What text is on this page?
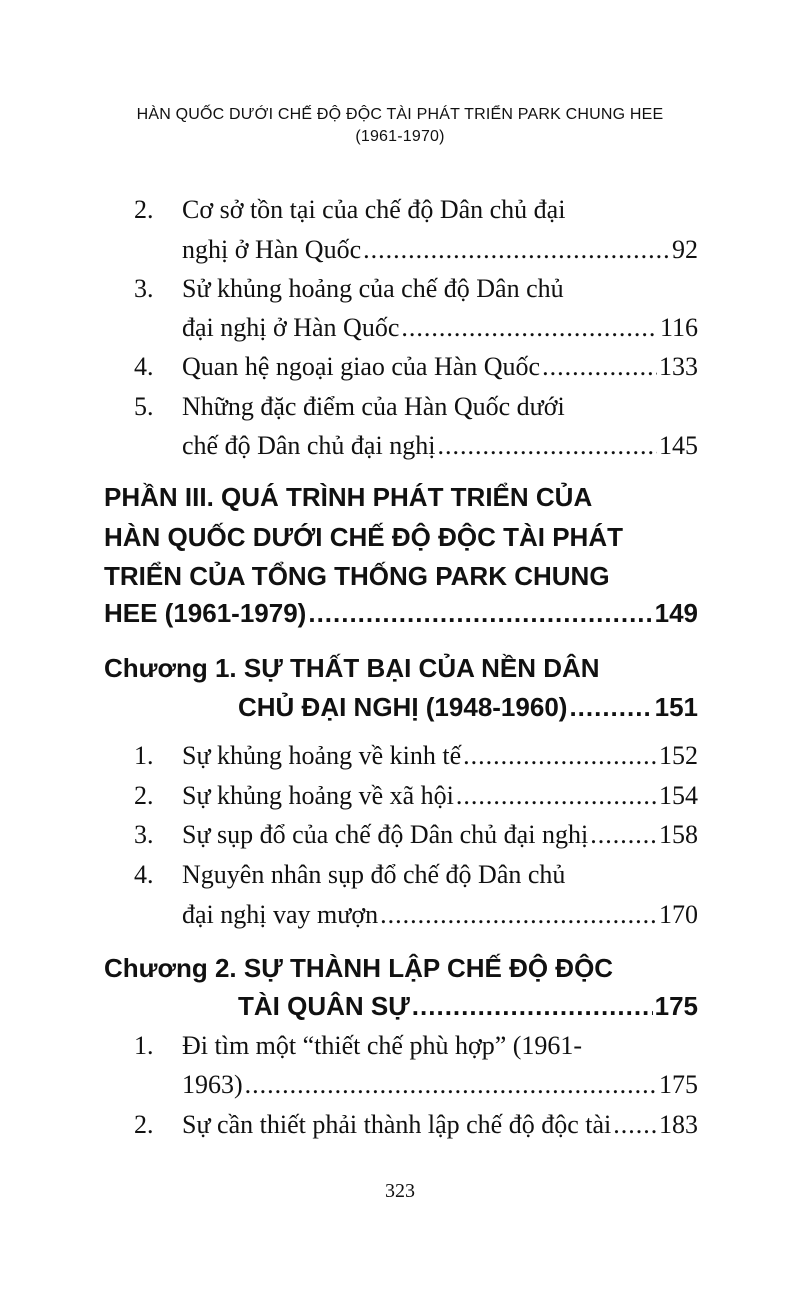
HÀN QUỐC DƯỚI CHẾ ĐỘ ĐỘC TÀI PHÁT TRIỂN PARK CHUNG HEE
(1961-1970)
2. Cơ sở tồn tại của chế độ Dân chủ đại
nghị ở Hàn Quốc .....	92
3. Sử khủng hoảng của chế độ Dân chủ
đại nghị ở Hàn Quốc .....	116
4. Quan hệ ngoại giao của Hàn Quốc .....	133
5. Những đặc điểm của Hàn Quốc dưới
chế độ Dân chủ đại nghị .....	145
PHẦN III. QUÁ TRÌNH PHÁT TRIỂN CỦA
HÀN QUỐC DƯỚI CHẾ ĐỘ ĐỘC TÀI PHÁT
TRIỂN CỦA TỔNG THỐNG PARK CHUNG
HEE (1961-1979) .....	149
Chương 1. SỰ THẤT BẠI CỦA NỀN DÂN
CHỦ ĐẠI NGHỊ (1948-1960) .....	151
1. Sự khủng hoảng về kinh tế .....	152
2. Sự khủng hoảng về xã hội .....	154
3. Sự sụp đổ của chế độ Dân chủ đại nghị .....	158
4. Nguyên nhân sụp đổ chế độ Dân chủ
đại nghị vay mượn .....	170
Chương 2. SỰ THÀNH LẬP CHẾ ĐỘ ĐỘC
TÀI QUÂN SỰ .....	175
1. Đi tìm một “thiết chế phù hợp” (1961-
1963) .....	175
2. Sự cần thiết phải thành lập chế độ độc tài ..... 183
323
